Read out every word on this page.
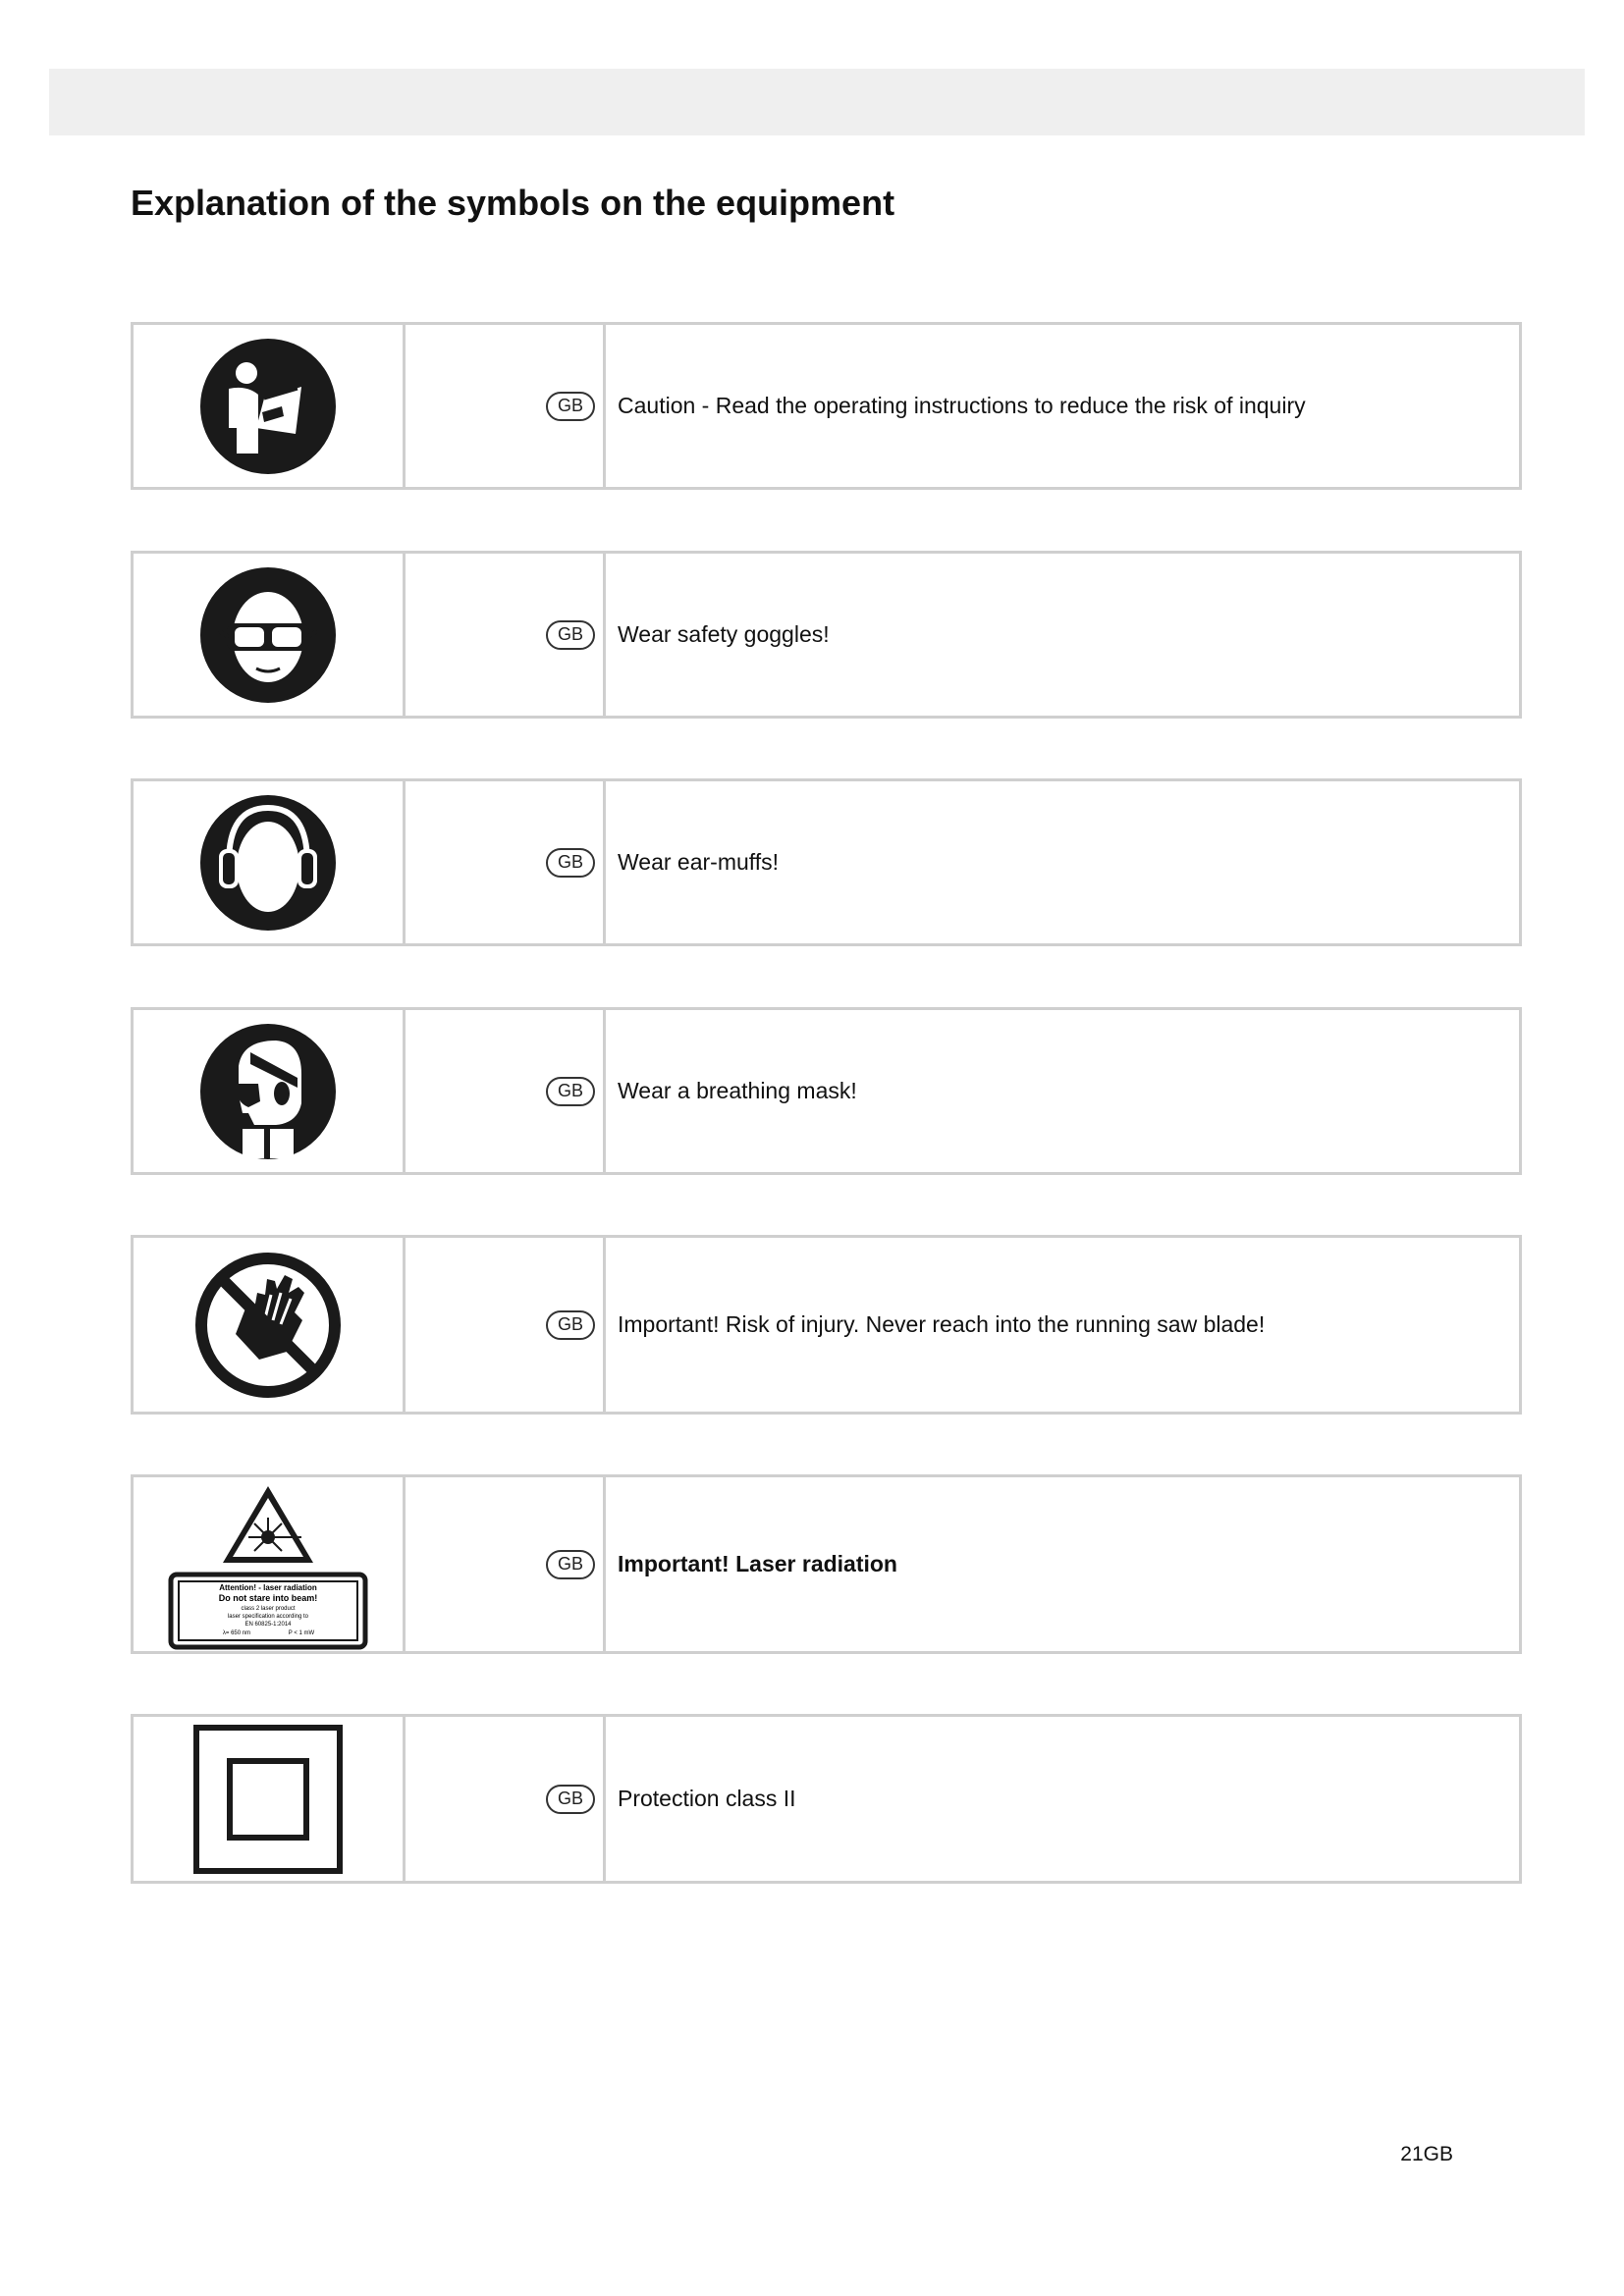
Explanation of the symbols on the equipment
GB	Caution - Read the operating instructions to reduce the risk of inquiry
GB	Wear safety goggles!
GB	Wear ear-muffs!
GB	Wear a breathing mask!
GB	Important! Risk of injury. Never reach into the running saw blade!
Attention! - laser radiation
Do not stare into beam!
class 2 laser product
laser specification according to
EN 60825-1:2014
λ= 650 nm	P < 1 mW
GB	Important! Laser radiation
GB	Protection class II
21GB
